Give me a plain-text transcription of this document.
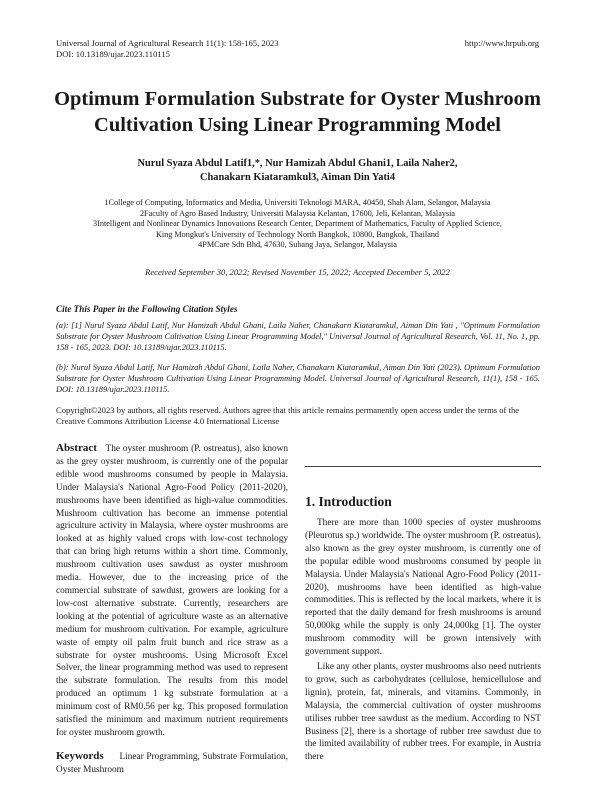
Universal Journal of Agricultural Research 11(1): 158-165, 2023
DOI: 10.13189/ujar.2023.110115
http://www.hrpub.org
Optimum Formulation Substrate for Oyster Mushroom
Cultivation Using Linear Programming Model
Nurul Syaza Abdul Latif1,*, Nur Hamizah Abdul Ghani1, Laila Naher2,
Chanakarn Kiataramkul3, Aiman Din Yati4
1College of Computing, Informatics and Media, Universiti Teknologi MARA, 40450, Shah Alam, Selangor, Malaysia
2Faculty of Agro Based Industry, Universiti Malaysia Kelantan, 17600, Jeli, Kelantan, Malaysia
3Intelligent and Nonlinear Dynamics Innovations Research Center, Department of Mathematics, Faculty of Applied Science,
King Mongkut's University of Technology North Bangkok, 10800, Bangkok, Thailand
4PMCare Sdn Bhd, 47630, Subang Jaya, Selangor, Malaysia
Received September 30, 2022; Revised November 15, 2022; Accepted December 5, 2022
Cite This Paper in the Following Citation Styles
(a): [1] Nurul Syaza Abdul Latif, Nur Hamizah Abdul Ghani, Laila Naher, Chanakarn Kiataramkul, Aiman Din Yati , "Optimum Formulation Substrate for Oyster Mushroom Cultivation Using Linear Programming Model," Universal Journal of Agricultural Research, Vol. 11, No. 1, pp. 158 - 165, 2023. DOI: 10.13189/ujar.2023.110115.
(b): Nurul Syaza Abdul Latif, Nur Hamizah Abdul Ghani, Laila Naher, Chanakarn Kiataramkul, Aiman Din Yati (2023). Optimum Formulation Substrate for Oyster Mushroom Cultivation Using Linear Programming Model. Universal Journal of Agricultural Research, 11(1), 158 - 165. DOI: 10.13189/ujar.2023.110115.
Copyright©2023 by authors, all rights reserved. Authors agree that this article remains permanently open access under the terms of the Creative Commons Attribution License 4.0 International License

Abstract The oyster mushroom (P. ostreatus), also known as the grey oyster mushroom, is currently one of the popular edible wood mushrooms consumed by people in Malaysia. Under Malaysia's National Agro-Food Policy (2011-2020), mushrooms have been identified as high-value commodities. Mushroom cultivation has become an immense potential agriculture activity in Malaysia, where oyster mushrooms are looked at as highly valued crops with low-cost technology that can bring high returns within a short time. Commonly, mushroom cultivation uses sawdust as oyster mushroom media. However, due to the increasing price of the commercial substrate of sawdust, growers are looking for a low-cost alternative substrate. Currently, researchers are looking at the potential of agriculture waste as an alternative medium for mushroom cultivation. For example, agriculture waste of empty oil palm fruit bunch and rice straw as a substrate for oyster mushrooms. Using Microsoft Excel Solver, the linear programming method was used to represent the substrate formulation. The results from this model produced an optimum 1 kg substrate formulation at a minimum cost of RM0.56 per kg. This proposed formulation satisfied the minimum and maximum nutrient requirements for oyster mushroom growth.

Keywords Linear Programming, Substrate Formulation, Oyster Mushroom

1. Introduction

There are more than 1000 species of oyster mushrooms (Pleurotus sp.) worldwide. The oyster mushroom (P. ostreatus), also known as the grey oyster mushroom, is currently one of the popular edible wood mushrooms consumed by people in Malaysia. Under Malaysia's National Agro-Food Policy (2011-2020), mushrooms have been identified as high-value commodities. This is reflected by the local markets, where it is reported that the daily demand for fresh mushrooms is around 50,000kg while the supply is only 24,000kg [1]. The oyster mushroom commodity will be grown intensively with government support.

Like any other plants, oyster mushrooms also need nutrients to grow, such as carbohydrates (cellulose, hemicellulose and lignin), protein, fat, minerals, and vitamins. Commonly, in Malaysia, the commercial cultivation of oyster mushrooms utilises rubber tree sawdust as the medium. According to NST Business [2], there is a shortage of rubber tree sawdust due to the limited availability of rubber trees. For example, in Austria there
